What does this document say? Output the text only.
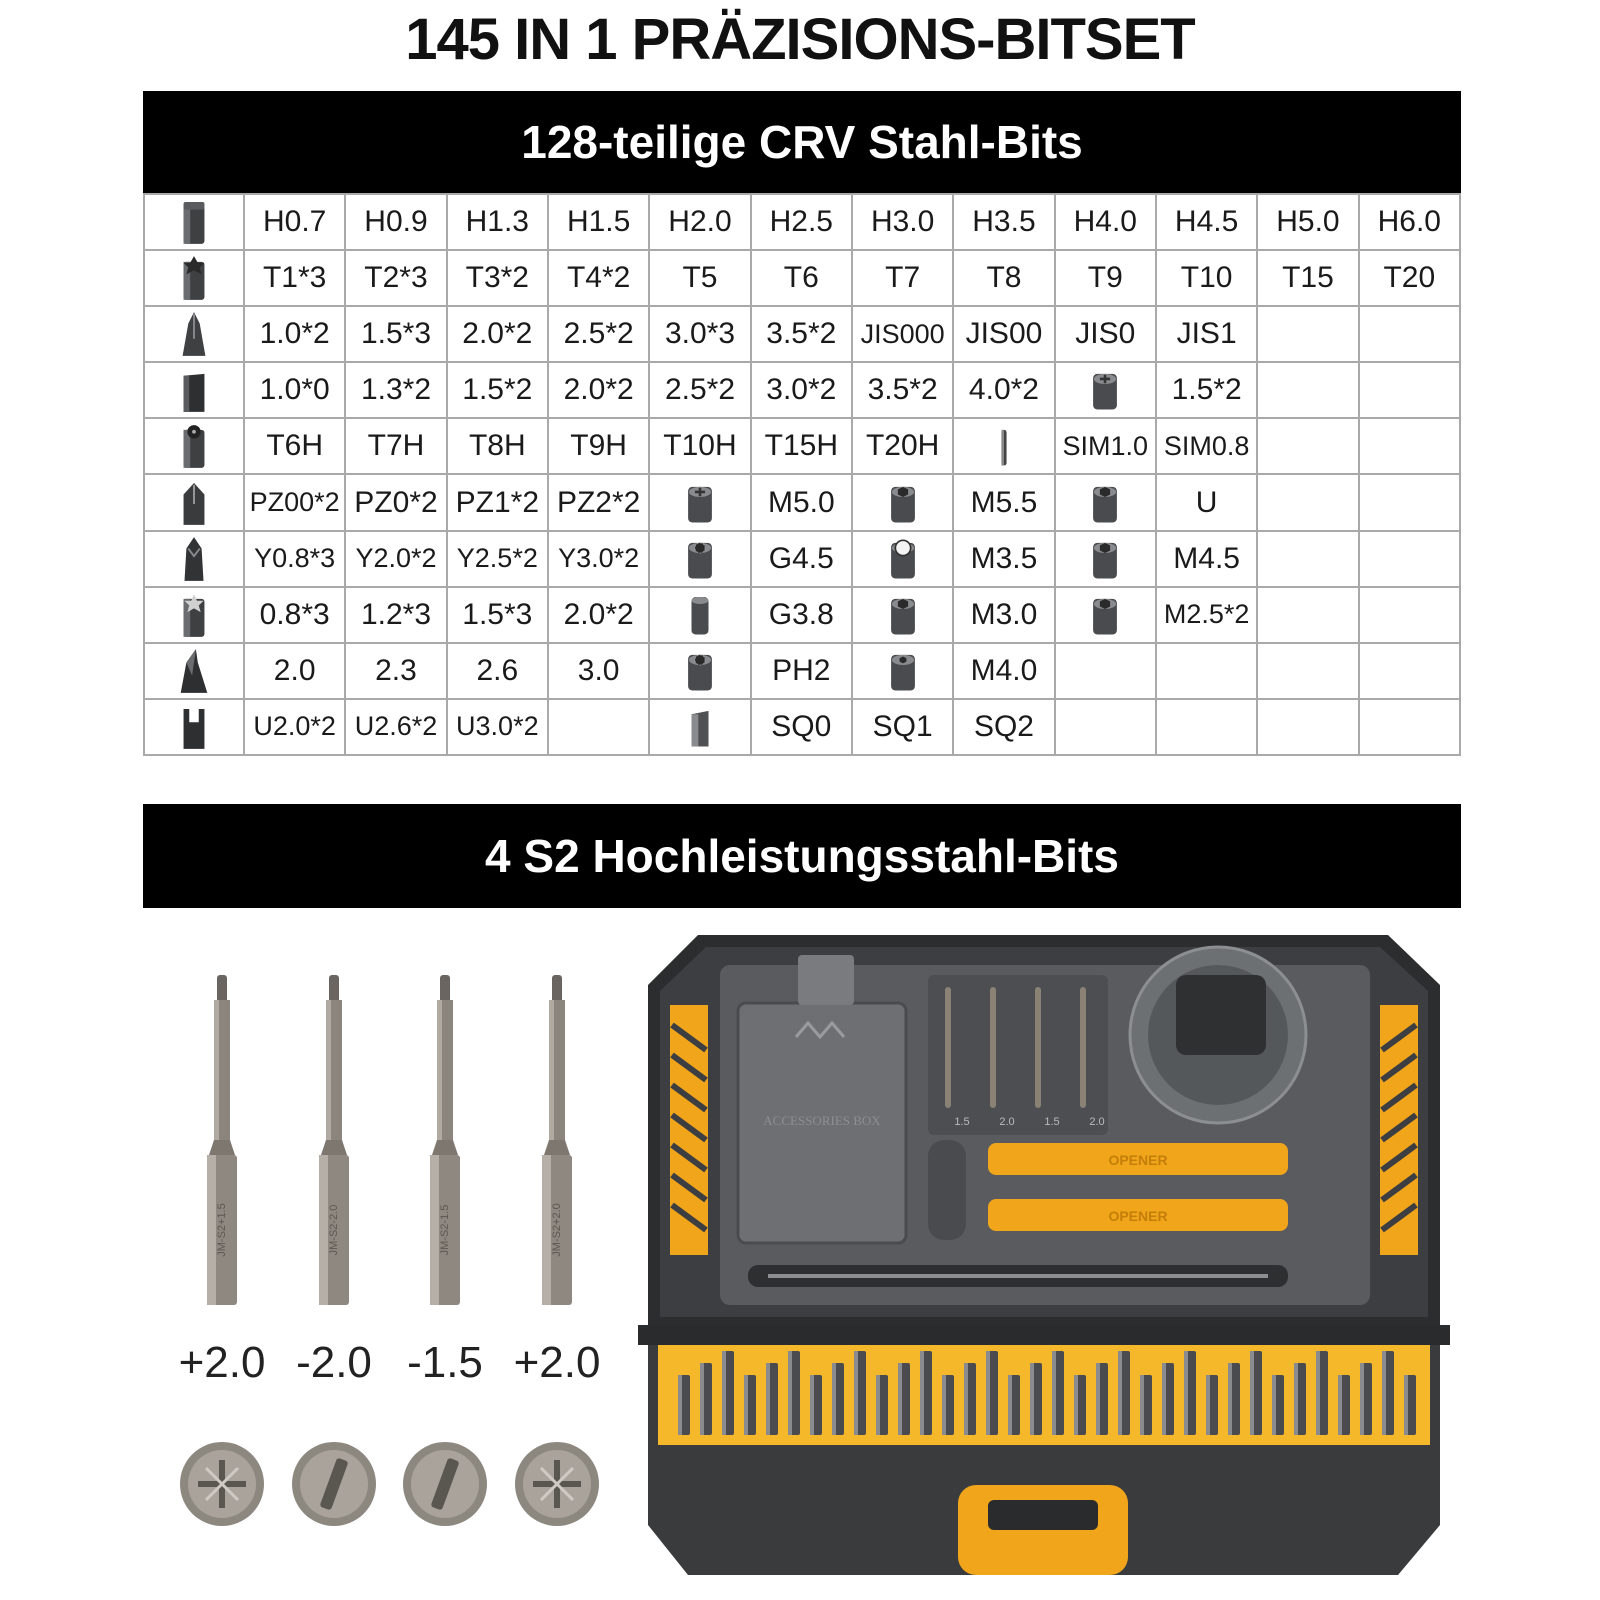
145 IN 1 PRÄZISIONS-BITSET
128-teilige CRV Stahl-Bits
	H0.7	H0.9	H1.3	H1.5	H2.0	H2.5	H3.0	H3.5	H4.0	H4.5	H5.0	H6.0
	T1*3	T2*3	T3*2	T4*2	T5	T6	T7	T8	T9	T10	T15	T20
	1.0*2	1.5*3	2.0*2	2.5*2	3.0*3	3.5*2	JIS000	JIS00	JIS0	JIS1		
	1.0*0	1.3*2	1.5*2	2.0*2	2.5*2	3.0*2	3.5*2	4.0*2		1.5*2		
	T6H	T7H	T8H	T9H	T10H	T15H	T20H		SIM1.0	SIM0.8		
	PZ00*2	PZ0*2	PZ1*2	PZ2*2		M5.0		M5.5		U		
	Y0.8*3	Y2.0*2	Y2.5*2	Y3.0*2		G4.5		M3.5		M4.5		
	0.8*3	1.2*3	1.5*3	2.0*2		G3.8		M3.0		M2.5*2		
	2.0	2.3	2.6	3.0		PH2		M4.0				
	U2.0*2	U2.6*2	U3.0*2			SQ0	SQ1	SQ2				
4 S2 Hochleistungsstahl-Bits
JM-S2+1.5
+2.0
JM-S2-2.0
-2.0
JM-S2-1.5
-1.5
JM-S2+2.0
+2.0
ACCESSORIES BOX	1.5	2.0	1.5	2.0
OPENER
OPENER
